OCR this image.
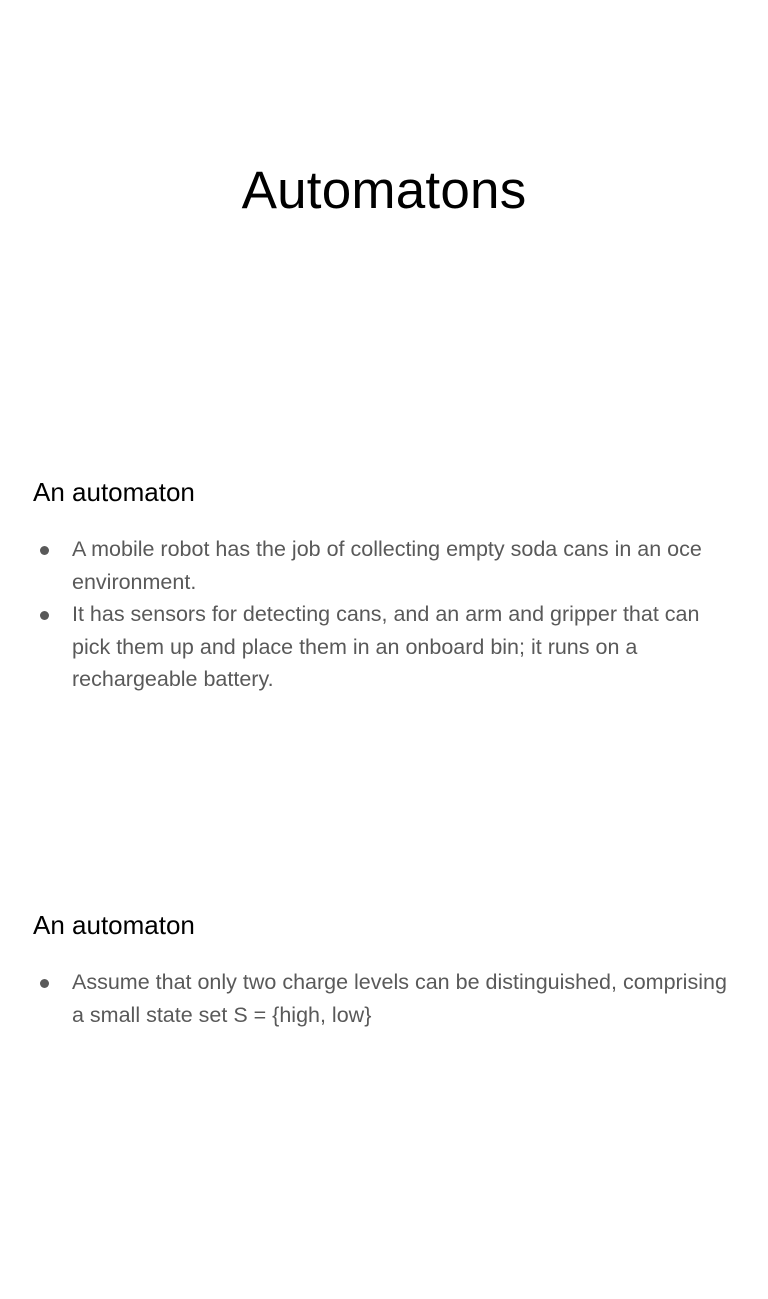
Automatons
An automaton
A mobile robot has the job of collecting empty soda cans in an oce environment.
It has sensors for detecting cans, and an arm and gripper that can pick them up and place them in an onboard bin; it runs on a rechargeable battery.
An automaton
Assume that only two charge levels can be distinguished, comprising a small state set S = {high, low}
